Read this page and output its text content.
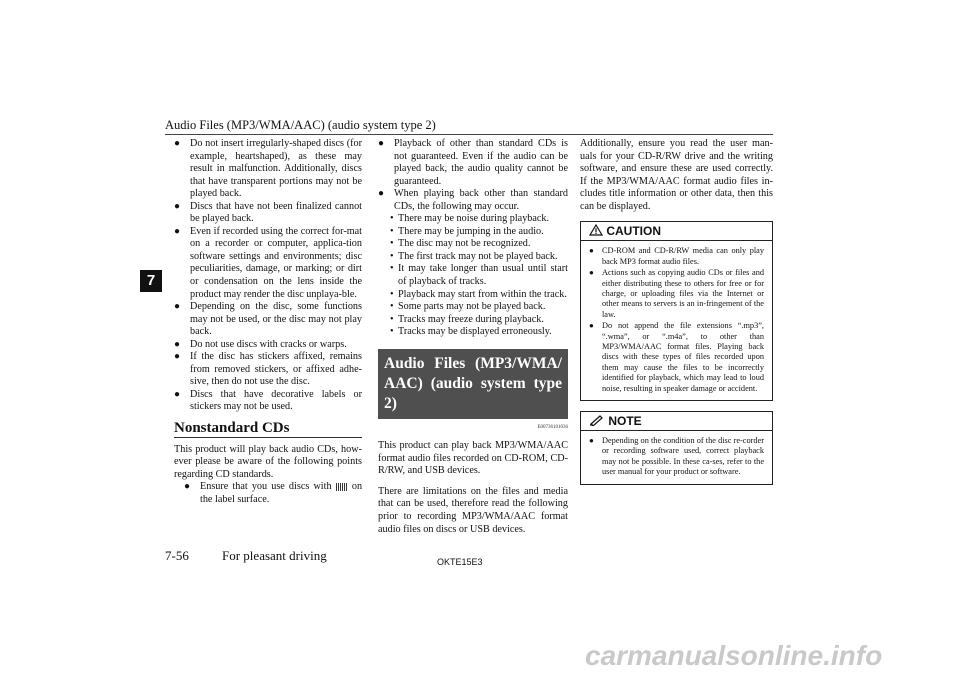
Audio Files (MP3/WMA/AAC) (audio system type 2)
7
● Do not insert irregularly-shaped discs (for example, heartshaped), as these may result in malfunction. Additionally, discs that have transparent portions may not be played back.

● Discs that have not been finalized cannot be played back.

● Even if recorded using the correct for-mat on a recorder or computer, applica-tion software settings and environments; disc peculiarities, damage, or marking; or dirt or condensation on the lens inside the product may render the disc unplaya-ble.

● Depending on the disc, some functions may not be used, or the disc may not play back.

● Do not use discs with cracks or warps.

● If the disc has stickers affixed, remains from removed stickers, or affixed adhe-sive, then do not use the disc.

● Discs that have decorative labels or stickers may not be used.

Nonstandard CDs

This product will play back audio CDs, how-ever please be aware of the following points regarding CD standards.

● Ensure that you use discs with on the label surface.

● Playback of other than standard CDs is not guaranteed. Even if the audio can be played back, the audio quality cannot be guaranteed.

● When playing back other than standard CDs, the following may occur.

• There may be noise during playback.

• There may be jumping in the audio.

• The disc may not be recognized.

• The first track may not be played back.

• It may take longer than usual until start of playback of tracks.

• Playback may start from within the track.

• Some parts may not be played back.

• Tracks may freeze during playback.

• Tracks may be displayed erroneously.

Audio Files (MP3/WMA/ AAC) (audio system type 2)
E00736101036

This product can play back MP3/WMA/AAC format audio files recorded on CD-ROM, CD-R/RW, and USB devices.

There are limitations on the files and media that can be used, therefore read the following prior to recording MP3/WMA/AAC format audio files on discs or USB devices.

Additionally, ensure you read the user man-uals for your CD-R/RW drive and the writing software, and ensure these are used correctly. If the MP3/WMA/AAC format audio files in-cludes title information or other data, then this can be displayed.

CAUTION
● CD-ROM and CD-R/RW media can only play back MP3 format audio files.

● Actions such as copying audio CDs or files and either distributing these to others for free or for charge, or uploading files via the Internet or other means to servers is an in-fringement of the law.

● Do not append the file extensions “.mp3”, “.wma”, or “.m4a”, to other than MP3/WMA/AAC format files. Playing back discs with these types of files recorded upon them may cause the files to be incorrectly identified for playback, which may lead to loud noise, resulting in speaker damage or accident.

NOTE
● Depending on the condition of the disc re-corder or recording software used, correct playback may not be possible. In these ca-ses, refer to the user manual for your product or software.

7-56	For pleasant driving	OKTE15E3
carmanualsonline.info
